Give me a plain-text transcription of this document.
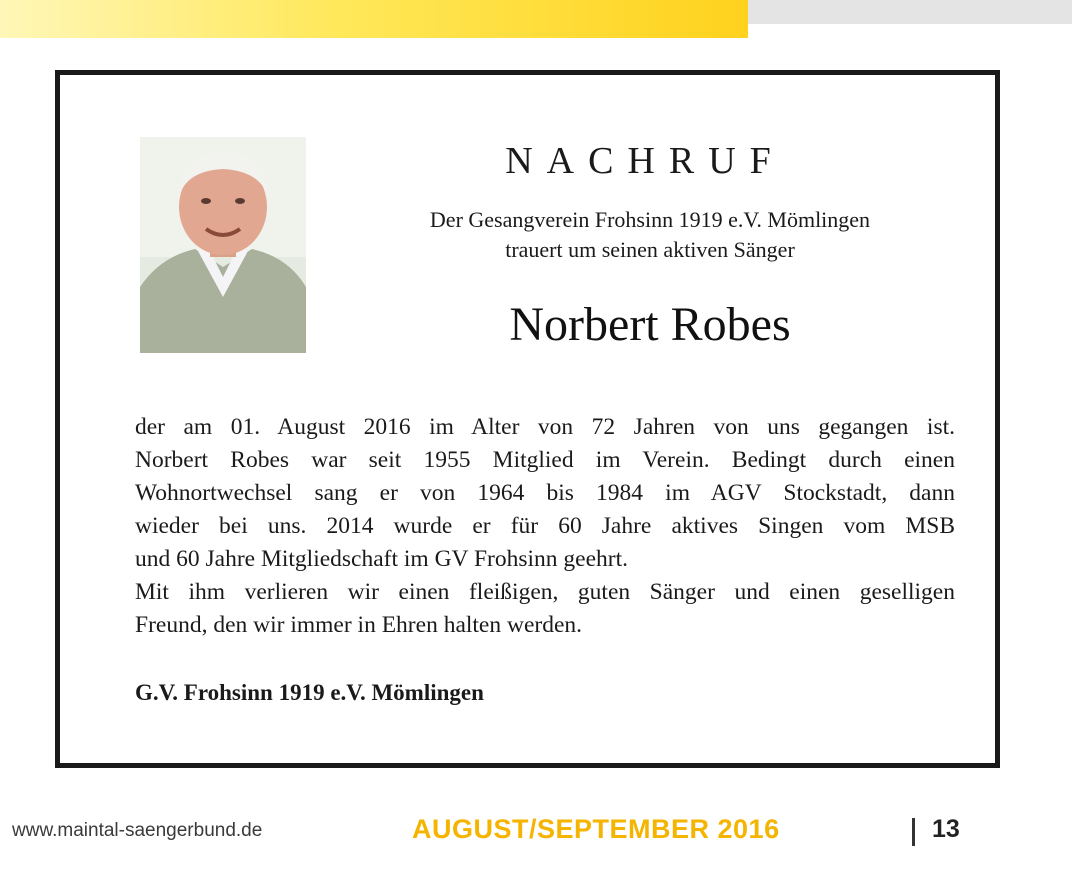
NACHRUF
Der Gesangverein Frohsinn 1919 e.V. Mömlingen
trauert um seinen aktiven Sänger
Norbert Robes
der am 01. August 2016 im Alter von 72 Jahren von uns gegangen ist.
Norbert Robes war seit 1955 Mitglied im Verein. Bedingt durch einen
Wohnortwechsel sang er von 1964 bis 1984 im AGV Stockstadt, dann
wieder bei uns. 2014 wurde er für 60 Jahre aktives Singen vom MSB
und 60 Jahre Mitgliedschaft im GV Frohsinn geehrt.
Mit ihm verlieren wir einen fleißigen, guten Sänger und einen geselligen
Freund, den wir immer in Ehren halten werden.
G.V. Frohsinn 1919 e.V. Mömlingen
www.maintal-saengerbund.de	AUGUST/SEPTEMBER 2016	13
